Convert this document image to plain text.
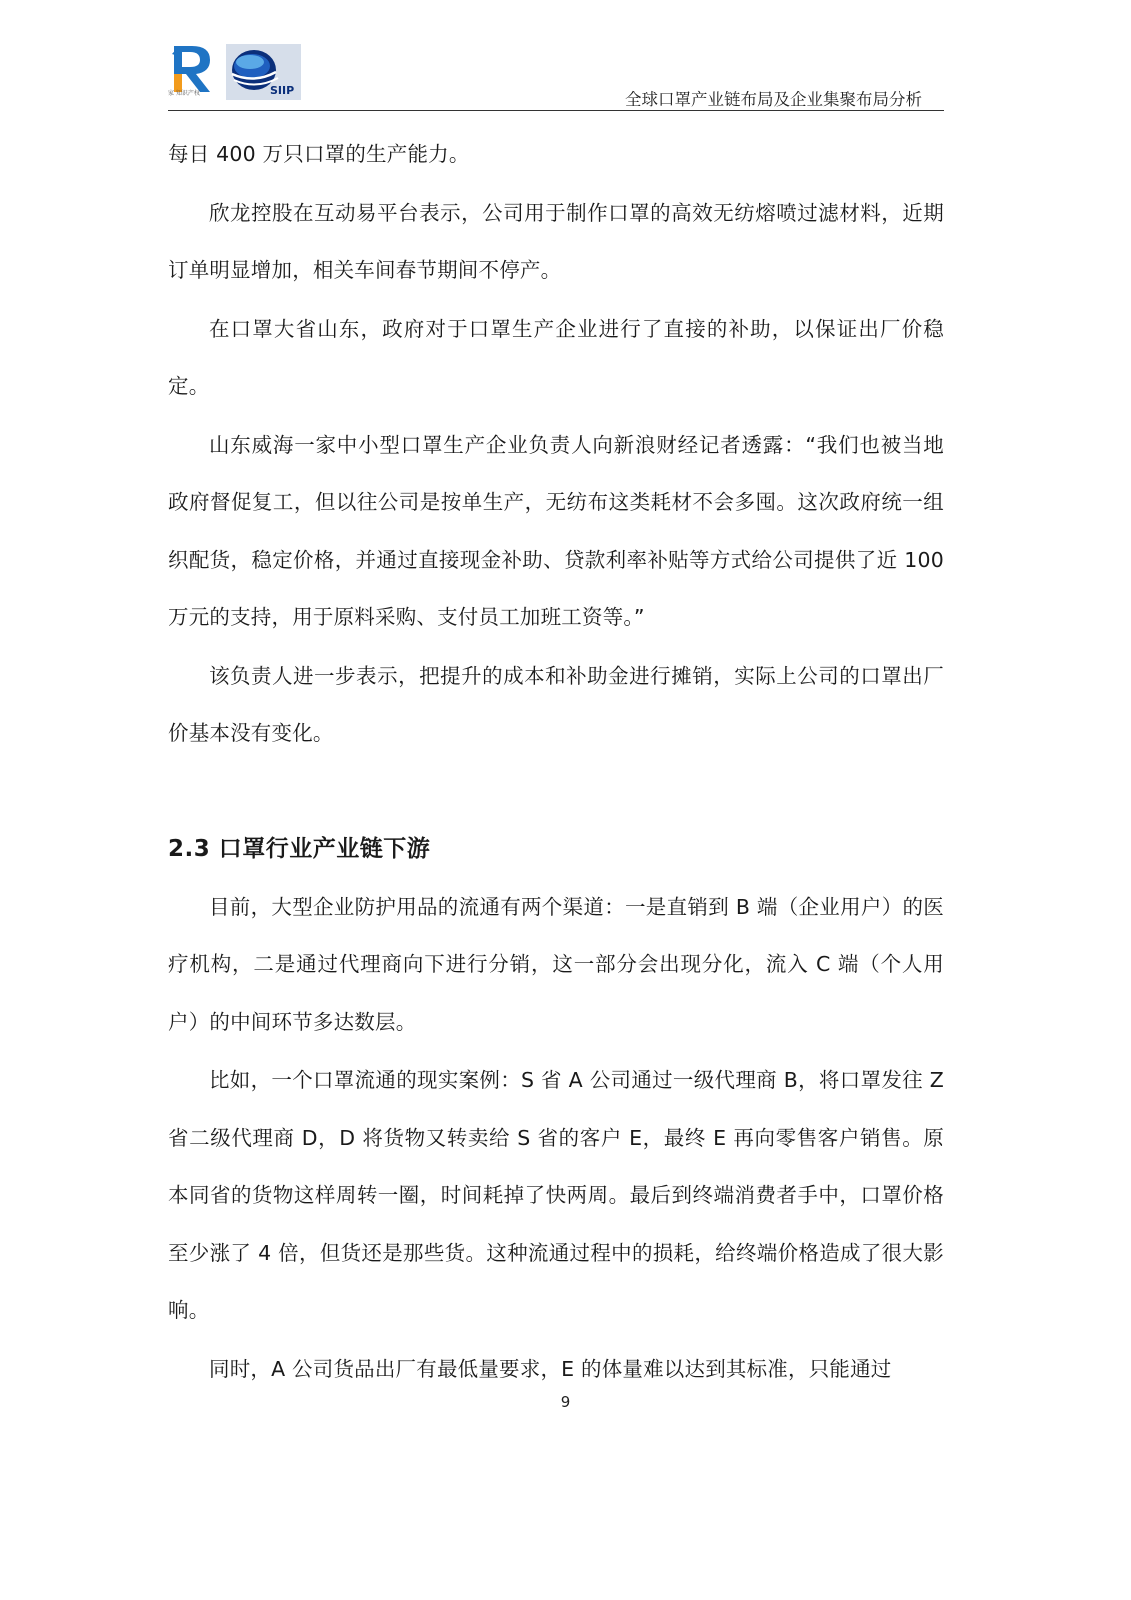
家 知识产权	SIIP	全球口罩产业链布局及企业集聚布局分析

每日 400 万只口罩的生产能力。

欣龙控股在互动易平台表示，公司用于制作口罩的高效无纺熔喷过滤材料，近期订单明显增加，相关车间春节期间不停产。

在口罩大省山东，政府对于口罩生产企业进行了直接的补助，以保证出厂价稳定。

山东威海一家中小型口罩生产企业负责人向新浪财经记者透露：“我们也被当地政府督促复工，但以往公司是按单生产，无纺布这类耗材不会多囤。这次政府统一组织配货，稳定价格，并通过直接现金补助、贷款利率补贴等方式给公司提供了近 100 万元的支持，用于原料采购、支付员工加班工资等。”

该负责人进一步表示，把提升的成本和补助金进行摊销，实际上公司的口罩出厂价基本没有变化。

2.3 口罩行业产业链下游

目前，大型企业防护用品的流通有两个渠道：一是直销到 B 端（企业用户）的医疗机构，二是通过代理商向下进行分销，这一部分会出现分化，流入 C 端（个人用户）的中间环节多达数层。

比如，一个口罩流通的现实案例：S 省 A 公司通过一级代理商 B，将口罩发往 Z 省二级代理商 D，D 将货物又转卖给 S 省的客户 E，最终 E 再向零售客户销售。原本同省的货物这样周转一圈，时间耗掉了快两周。最后到终端消费者手中，口罩价格至少涨了 4 倍，但货还是那些货。这种流通过程中的损耗，给终端价格造成了很大影响。

同时，A 公司货品出厂有最低量要求，E 的体量难以达到其标准，只能通过

9
